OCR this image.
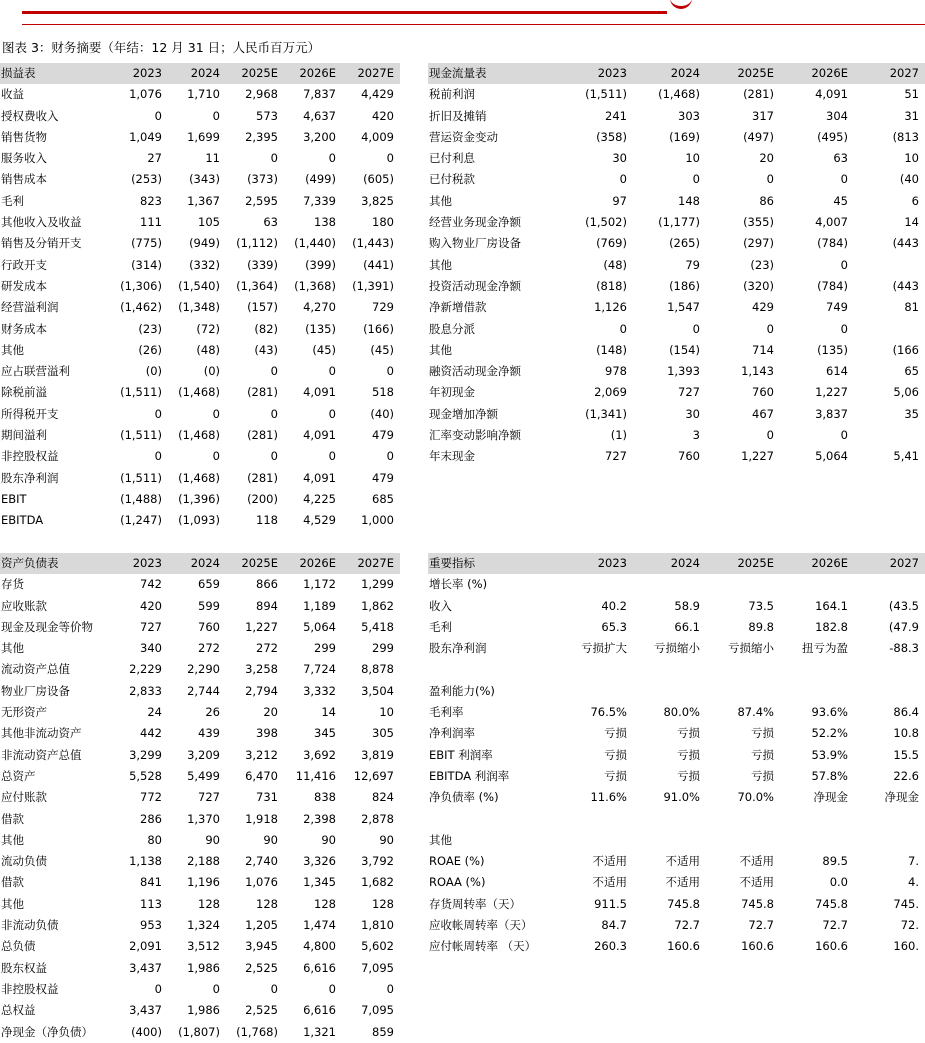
图表 3：财务摘要（年结：12 月 31 日；人民币百万元）
损益表	2023	2024	2025E	2026E	2027E
收益	1,076	1,710	2,968	7,837	4,429
授权费收入	0	0	573	4,637	420
销售货物	1,049	1,699	2,395	3,200	4,009
服务收入	27	11	0	0	0
销售成本	(253)	(343)	(373)	(499)	(605)
毛利	823	1,367	2,595	7,339	3,825
其他收入及收益	111	105	63	138	180
销售及分销开支	(775)	(949)	(1,112)	(1,440)	(1,443)
行政开支	(314)	(332)	(339)	(399)	(441)
研发成本	(1,306)	(1,540)	(1,364)	(1,368)	(1,391)
经营溢利润	(1,462)	(1,348)	(157)	4,270	729
财务成本	(23)	(72)	(82)	(135)	(166)
其他	(26)	(48)	(43)	(45)	(45)
应占联营溢利	(0)	(0)	0	0	0
除税前溢	(1,511)	(1,468)	(281)	4,091	518
所得税开支	0	0	0	0	(40)
期间溢利	(1,511)	(1,468)	(281)	4,091	479
非控股权益	0	0	0	0	0
股东净利润	(1,511)	(1,468)	(281)	4,091	479
EBIT	(1,488)	(1,396)	(200)	4,225	685
EBITDA	(1,247)	(1,093)	118	4,529	1,000
现金流量表	2023	2024	2025E	2026E	2027
税前利润	(1,511)	(1,468)	(281)	4,091	51
折旧及摊销	241	303	317	304	31
营运资金变动	(358)	(169)	(497)	(495)	(813
已付利息	30	10	20	63	10
已付税款	0	0	0	0	(40
其他	97	148	86	45	6
经营业务现金净额	(1,502)	(1,177)	(355)	4,007	14
购入物业厂房设备	(769)	(265)	(297)	(784)	(443
其他	(48)	79	(23)	0	
投资活动现金净额	(818)	(186)	(320)	(784)	(443
净新增借款	1,126	1,547	429	749	81
股息分派	0	0	0	0	
其他	(148)	(154)	714	(135)	(166
融资活动现金净额	978	1,393	1,143	614	65
年初现金	2,069	727	760	1,227	5,06
现金增加净额	(1,341)	30	467	3,837	35
汇率变动影响净额	(1)	3	0	0	
年末现金	727	760	1,227	5,064	5,41
资产负债表	2023	2024	2025E	2026E	2027E
存货	742	659	866	1,172	1,299
应收账款	420	599	894	1,189	1,862
现金及现金等价物	727	760	1,227	5,064	5,418
其他	340	272	272	299	299
流动资产总值	2,229	2,290	3,258	7,724	8,878
物业厂房设备	2,833	2,744	2,794	3,332	3,504
无形资产	24	26	20	14	10
其他非流动资产	442	439	398	345	305
非流动资产总值	3,299	3,209	3,212	3,692	3,819
总资产	5,528	5,499	6,470	11,416	12,697
应付账款	772	727	731	838	824
借款	286	1,370	1,918	2,398	2,878
其他	80	90	90	90	90
流动负债	1,138	2,188	2,740	3,326	3,792
借款	841	1,196	1,076	1,345	1,682
其他	113	128	128	128	128
非流动负债	953	1,324	1,205	1,474	1,810
总负债	2,091	3,512	3,945	4,800	5,602
股东权益	3,437	1,986	2,525	6,616	7,095
非控股权益	0	0	0	0	0
总权益	3,437	1,986	2,525	6,616	7,095
净现金（净负债）	(400)	(1,807)	(1,768)	1,321	859
重要指标	2023	2024	2025E	2026E	2027
增长率 (%)					
收入	40.2	58.9	73.5	164.1	(43.5
毛利	65.3	66.1	89.8	182.8	(47.9
股东净利润	亏损扩大	亏损缩小	亏损缩小	扭亏为盈	-88.3

盈利能力(%)					
毛利率	76.5%	80.0%	87.4%	93.6%	86.4
净利润率	亏损	亏损	亏损	52.2%	10.8
EBIT 利润率	亏损	亏损	亏损	53.9%	15.5
EBITDA 利润率	亏损	亏损	亏损	57.8%	22.6
净负债率 (%)	11.6%	91.0%	70.0%	净现金	净现金

其他					
ROAE (%)	不适用	不适用	不适用	89.5	7.
ROAA (%)	不适用	不适用	不适用	0.0	4.
存货周转率（天）	911.5	745.8	745.8	745.8	745.
应收帐周转率（天）	84.7	72.7	72.7	72.7	72.
应付帐周转率 （天）	260.3	160.6	160.6	160.6	160.
